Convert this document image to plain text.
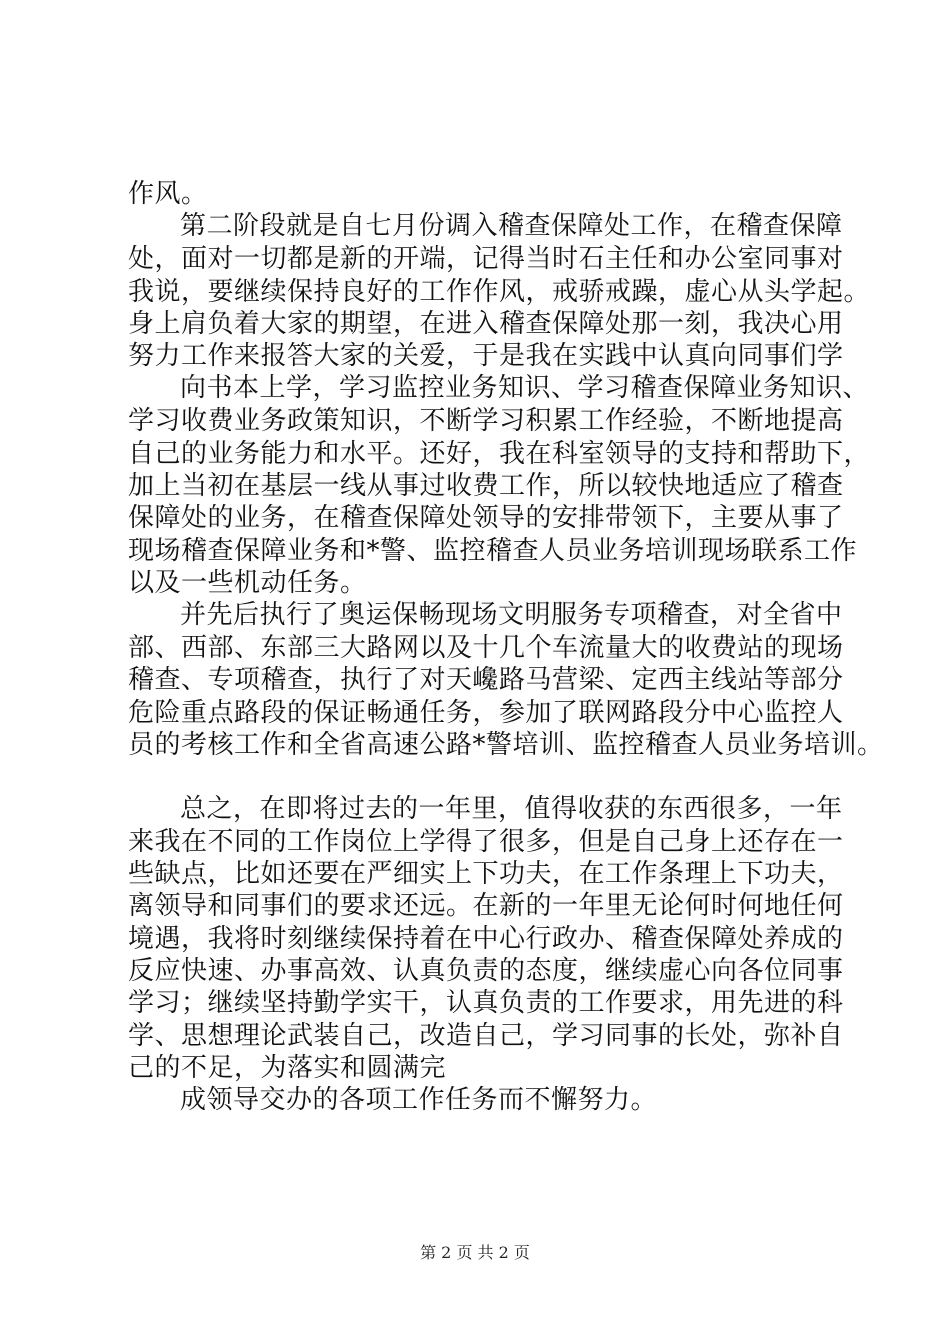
作风。
第二阶段就是自七月份调入稽查保障处工作，在稽查保障
处，面对一切都是新的开端，记得当时石主任和办公室同事对
我说，要继续保持良好的工作作风，戒骄戒躁，虚心从头学起。
身上肩负着大家的期望，在进入稽查保障处那一刻，我决心用
努力工作来报答大家的关爱，于是我在实践中认真向同事们学
向书本上学，学习监控业务知识、学习稽查保障业务知识、
学习收费业务政策知识，不断学习积累工作经验，不断地提高
自己的业务能力和水平。还好，我在科室领导的支持和帮助下，
加上当初在基层一线从事过收费工作，所以较快地适应了稽查
保障处的业务，在稽查保障处领导的安排带领下，主要从事了
现场稽查保障业务和*警、监控稽查人员业务培训现场联系工作
以及一些机动任务。
并先后执行了奥运保畅现场文明服务专项稽查，对全省中
部、西部、东部三大路网以及十几个车流量大的收费站的现场
稽查、专项稽查，执行了对天巉路马营梁、定西主线站等部分
危险重点路段的保证畅通任务，参加了联网路段分中心监控人
员的考核工作和全省高速公路*警培训、监控稽查人员业务培训。
总之，在即将过去的一年里，值得收获的东西很多，一年
来我在不同的工作岗位上学得了很多，但是自己身上还存在一
些缺点，比如还要在严细实上下功夫，在工作条理上下功夫，
离领导和同事们的要求还远。在新的一年里无论何时何地任何
境遇，我将时刻继续保持着在中心行政办、稽查保障处养成的
反应快速、办事高效、认真负责的态度，继续虚心向各位同事
学习；继续坚持勤学实干，认真负责的工作要求，用先进的科
学、思想理论武装自己，改造自己，学习同事的长处，弥补自
己的不足，为落实和圆满完
成领导交办的各项工作任务而不懈努力。
第 2 页 共 2 页
